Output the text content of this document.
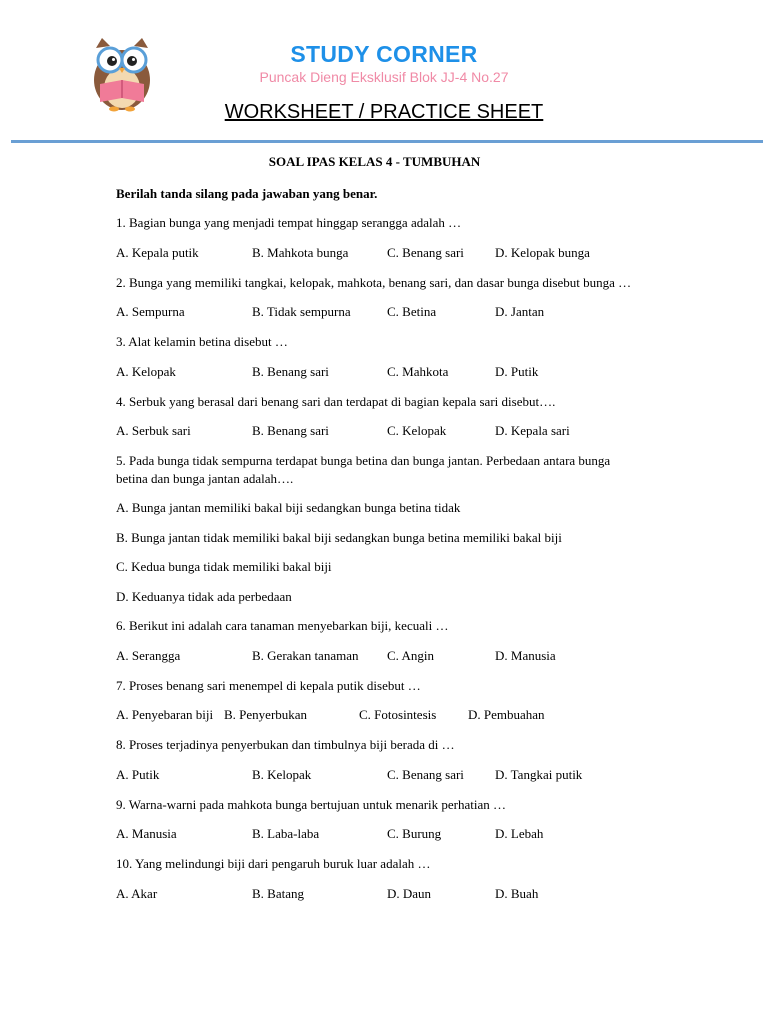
STUDY CORNER
Puncak Dieng Eksklusif Blok JJ-4 No.27
WORKSHEET / PRACTICE SHEET
SOAL IPAS KELAS 4 - TUMBUHAN
Berilah tanda silang pada jawaban yang benar.
1. Bagian bunga yang menjadi tempat hinggap serangga adalah …
A. Kepala putik	B. Mahkota bunga	C. Benang sari D. Kelopak bunga
2. Bunga yang memiliki tangkai, kelopak, mahkota, benang sari, dan dasar bunga disebut bunga …
A. Sempurna	B. Tidak sempurna	C. Betina	D. Jantan
3. Alat kelamin betina disebut …
A. Kelopak	B. Benang sari	C. Mahkota	D. Putik
4. Serbuk yang berasal dari benang sari dan terdapat di bagian kepala sari disebut….
A. Serbuk sari	B. Benang sari	C. Kelopak	D. Kepala sari
5. Pada bunga tidak sempurna terdapat bunga betina dan bunga jantan. Perbedaan antara bunga betina dan bunga jantan adalah….
A. Bunga jantan memiliki bakal biji sedangkan bunga betina tidak
B. Bunga jantan tidak memiliki bakal biji sedangkan bunga betina memiliki bakal biji
C. Kedua bunga tidak memiliki bakal biji
D. Keduanya tidak ada perbedaan
6. Berikut ini adalah cara tanaman menyebarkan biji, kecuali …
A. Serangga	B. Gerakan tanaman C. Angin	D. Manusia
7. Proses benang sari menempel di kepala putik disebut …
A. Penyebaran biji B. Penyerbukan	C. Fotosintesis D. Pembuahan
8. Proses terjadinya penyerbukan dan timbulnya biji berada di …
A. Putik	B. Kelopak	C. Benang sari D. Tangkai putik
9. Warna-warni pada mahkota bunga bertujuan untuk menarik perhatian …
A. Manusia	B. Laba-laba	C. Burung	D. Lebah
10. Yang melindungi biji dari pengaruh buruk luar adalah …
A. Akar	B. Batang	D. Daun	D. Buah
